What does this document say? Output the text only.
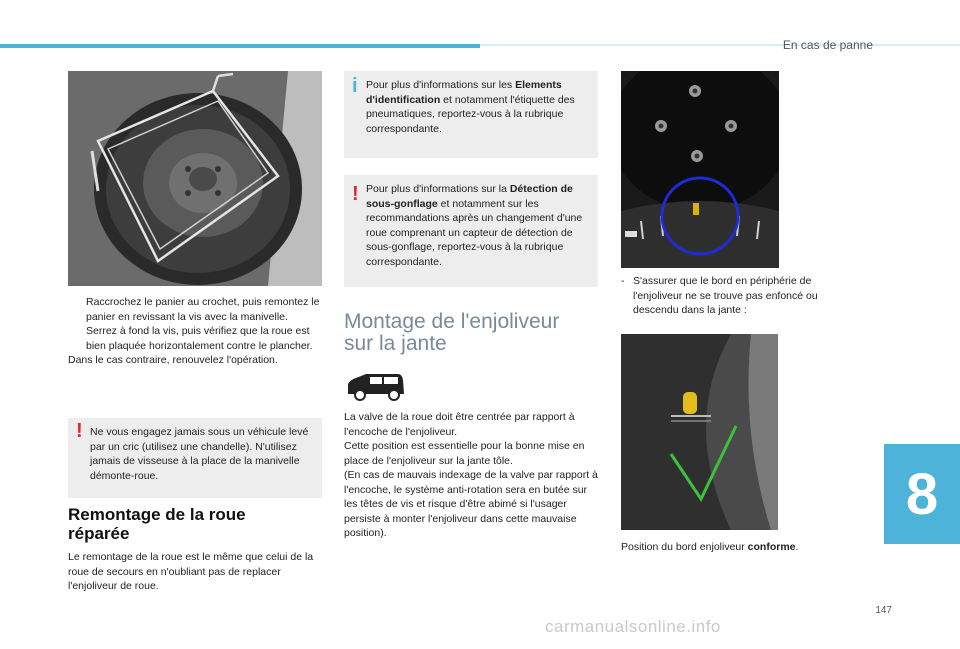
En cas de panne
8
Raccrochez le panier au crochet, puis remontez le panier en revissant la vis avec la manivelle.
Serrez à fond la vis, puis vérifiez que la roue est bien plaquée horizontalement contre le plancher.
Dans le cas contraire, renouvelez l'opération.
! Ne vous engagez jamais sous un véhicule levé par un cric (utilisez une chandelle). N'utilisez jamais de visseuse à la place de la manivelle démonte-roue.
Remontage de la roue réparée
Le remontage de la roue est le même que celui de la roue de secours en n'oubliant pas de replacer l'enjoliveur de roue.
i Pour plus d'informations sur les Elements d'identification et notamment l'étiquette des pneumatiques, reportez-vous à la rubrique correspondante.
! Pour plus d'informations sur la Détection de sous-gonflage et notamment sur les recommandations après un changement d'une roue comprenant un capteur de détection de sous-gonflage, reportez-vous à la rubrique correspondante.
Montage de l'enjoliveur sur la jante
La valve de la roue doit être centrée par rapport à l'encoche de l'enjoliveur.
Cette position est essentielle pour la bonne mise en place de l'enjoliveur sur la jante tôle.
(En cas de mauvais indexage de la valve par rapport à l'encoche, le système anti-rotation sera en butée sur les têtes de vis et risque d'être abimé si l'usager persiste à monter l'enjoliveur dans cette mauvaise position).
- S'assurer que le bord en périphérie de l'enjoliveur ne se trouve pas enfoncé ou descendu dans la jante :
Position du bord enjoliveur conforme.
147
carmanualsonline.info
